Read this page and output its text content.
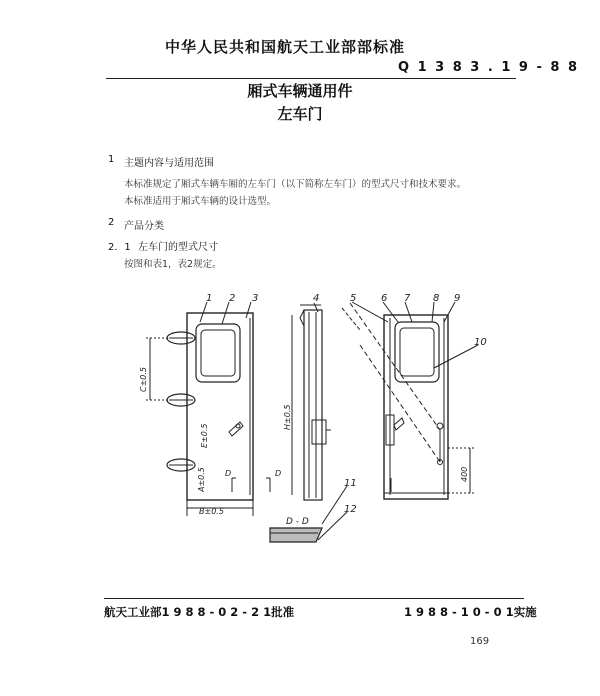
中华人民共和国航天工业部部标准
Q 1 3 8 3 . 1 9 - 8 8
厢式车辆通用件
左车门
1 主题内容与适用范围
本标准规定了厢式车辆车厢的左车门（以下简称左车门）的型式尺寸和技术要求。
本标准适用于厢式车辆的设计选型。
2 产品分类
2．1 左车门的型式尺寸
按图和表1，表2规定。
1 2 3	4	5 6 7 8 9
10
11
12
C±0.5
E±0.5
B±0.5
H±0.5
A±0.5	400
D	D
D - D
航天工业部1 9 8 8 - 0 2 - 2 1批准	1 9 8 8 - 1 0 - 0 1实施
169
